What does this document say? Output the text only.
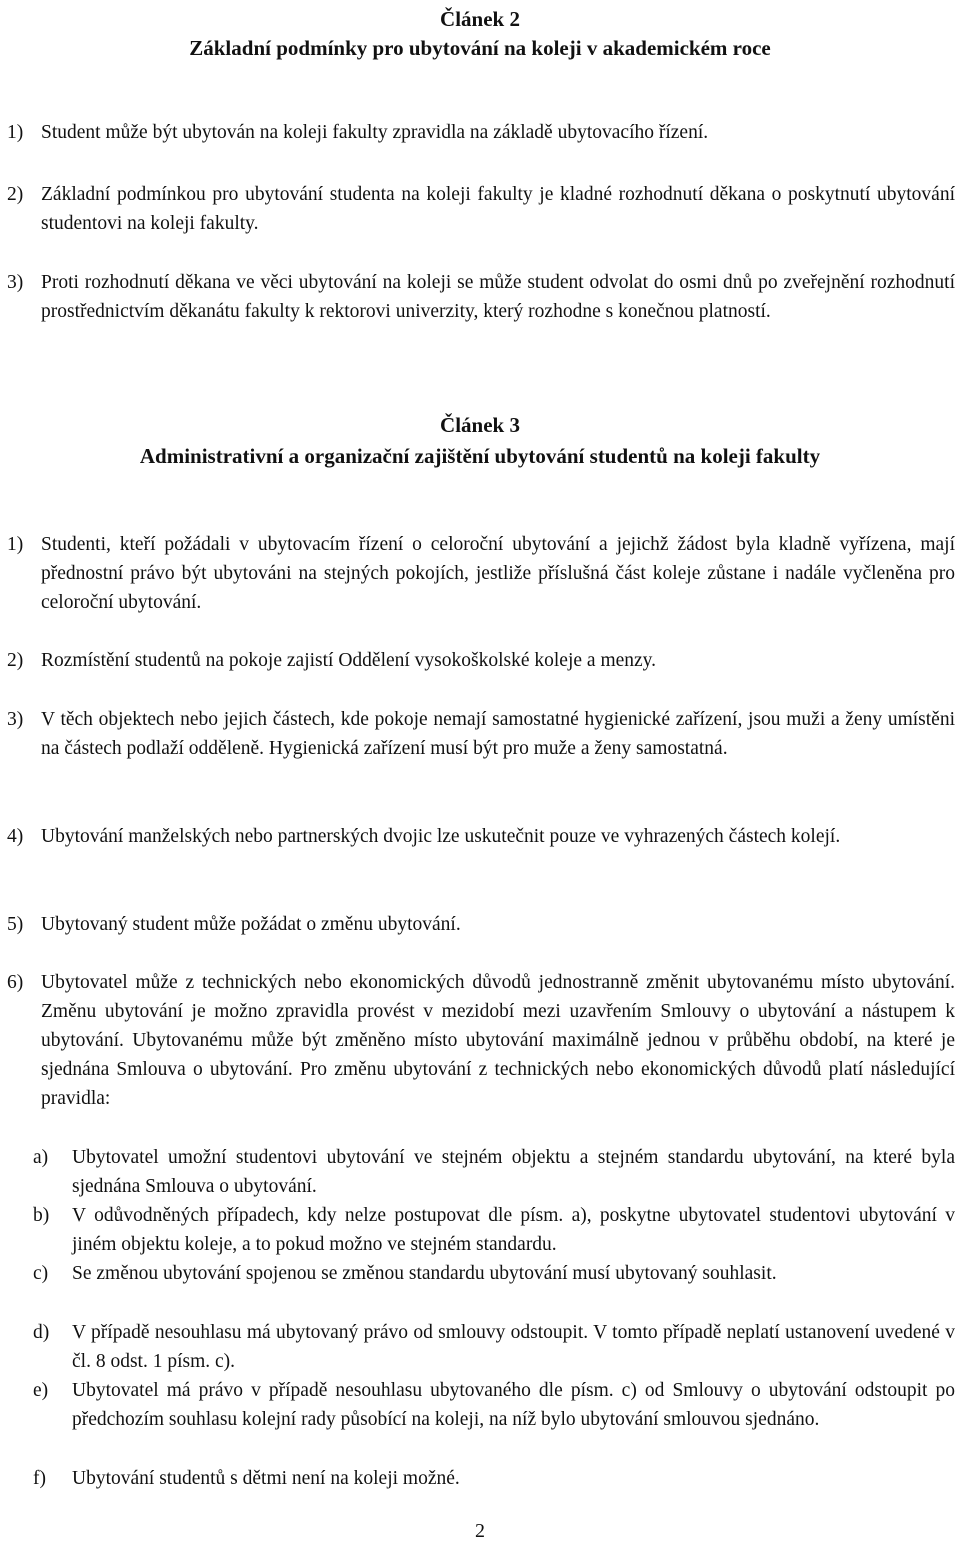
Článek 2
Základní podmínky pro ubytování na koleji v akademickém roce
1) Student může být ubytován na koleji fakulty zpravidla na základě ubytovacího řízení.
2) Základní podmínkou pro ubytování studenta na koleji fakulty je kladné rozhodnutí děkana o poskytnutí ubytování studentovi na koleji fakulty.
3) Proti rozhodnutí děkana ve věci ubytování na koleji se může student odvolat do osmi dnů po zveřejnění rozhodnutí prostřednictvím děkanátu fakulty k rektorovi univerzity, který rozhodne s konečnou platností.
Článek 3
Administrativní a organizační zajištění ubytování studentů na koleji fakulty
1) Studenti, kteří požádali v ubytovacím řízení o celoroční ubytování a jejichž žádost byla kladně vyřízena, mají přednostní právo být ubytováni na stejných pokojích, jestliže příslušná část koleje zůstane i nadále vyčleněna pro celoroční ubytování.
2) Rozmístění studentů na pokoje zajistí Oddělení vysokoškolské koleje a menzy.
3) V těch objektech nebo jejich částech, kde pokoje nemají samostatné hygienické zařízení, jsou muži a ženy umístěni na částech podlaží odděleně. Hygienická zařízení musí být pro muže a ženy samostatná.
4) Ubytování manželských nebo partnerských dvojic lze uskutečnit pouze ve vyhrazených částech kolejí.
5) Ubytovaný student může požádat o změnu ubytování.
6) Ubytovatel může z technických nebo ekonomických důvodů jednostranně změnit ubytovanému místo ubytování. Změnu ubytování je možno zpravidla provést v mezidobí mezi uzavřením Smlouvy o ubytování a nástupem k ubytování. Ubytovanému může být změněno místo ubytování maximálně jednou v průběhu období, na které je sjednána Smlouva o ubytování. Pro změnu ubytování z technických nebo ekonomických důvodů platí následující pravidla:
a) Ubytovatel umožní studentovi ubytování ve stejném objektu a stejném standardu ubytování, na které byla sjednána Smlouva o ubytování.
b) V odůvodněných případech, kdy nelze postupovat dle písm. a), poskytne ubytovatel studentovi ubytování v jiném objektu koleje, a to pokud možno ve stejném standardu.
c) Se změnou ubytování spojenou se změnou standardu ubytování musí ubytovaný souhlasit.
d) V případě nesouhlasu má ubytovaný právo od smlouvy odstoupit. V tomto případě neplatí ustanovení uvedené v čl. 8 odst. 1 písm. c).
e) Ubytovatel má právo v případě nesouhlasu ubytovaného dle písm. c) od Smlouvy o ubytování odstoupit po předchozím souhlasu kolejní rady působící na koleji, na níž bylo ubytování smlouvou sjednáno.
f) Ubytování studentů s dětmi není na koleji možné.
2
